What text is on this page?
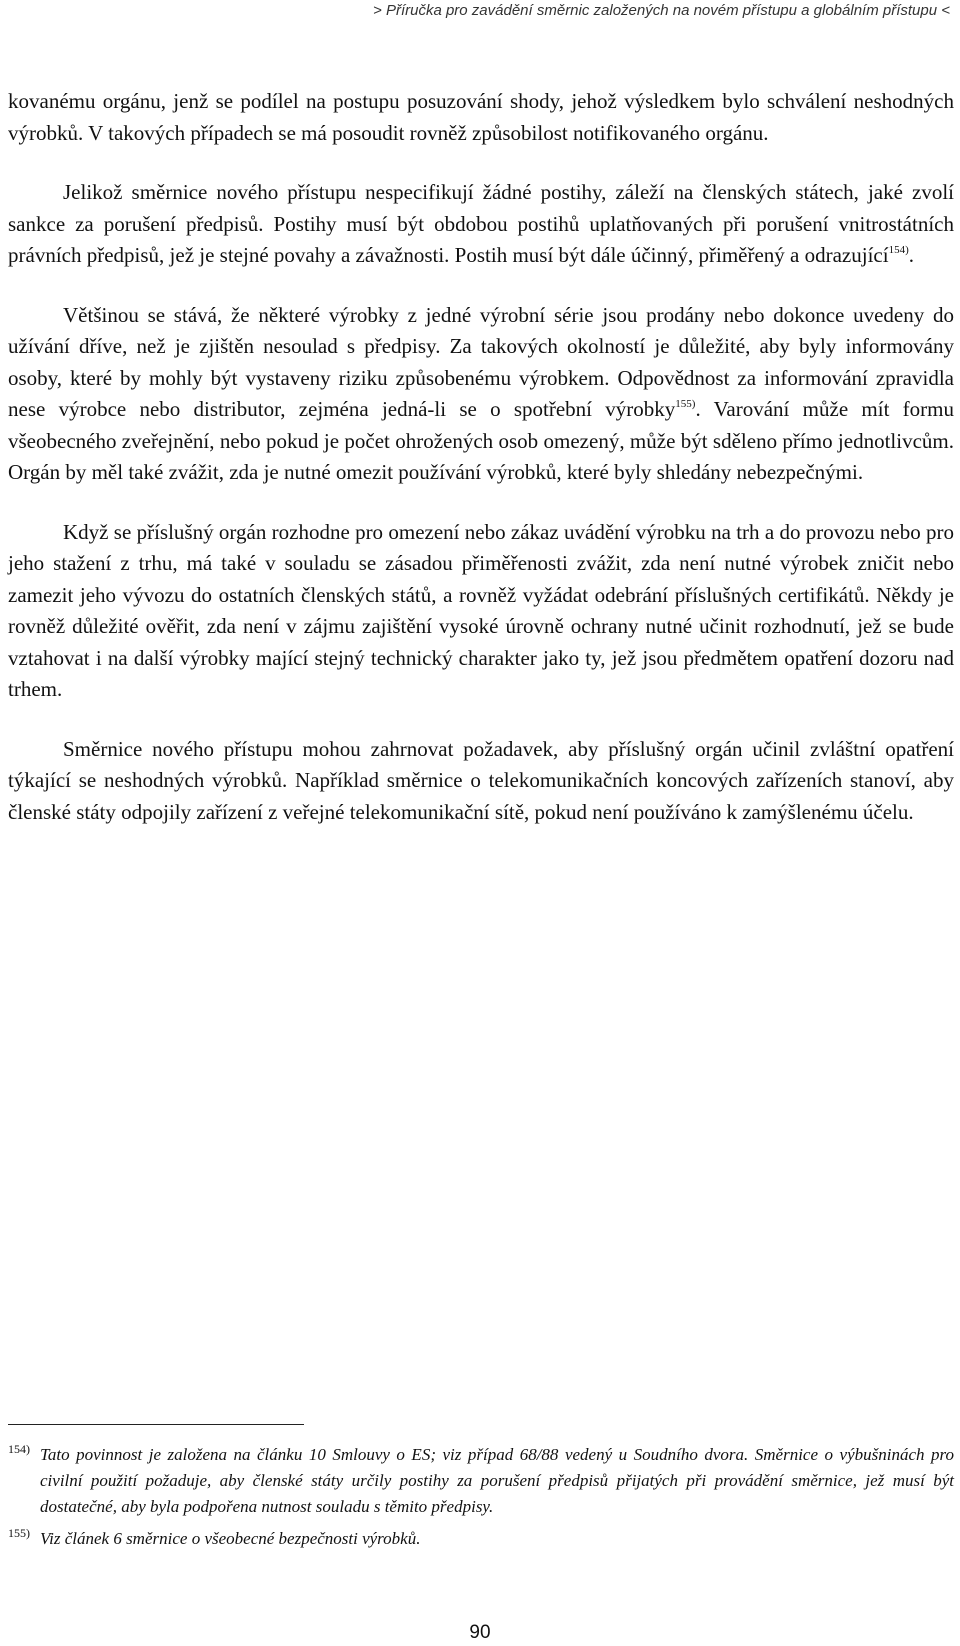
> Příručka pro zavádění směrnic založených na novém přístupu a globálním přístupu <

kovanému orgánu, jenž se podílel na postupu posuzování shody, jehož výsledkem bylo schválení neshodných výrobků. V takových případech se má posoudit rovněž způsobilost notifikovaného orgánu.

Jelikož směrnice nového přístupu nespecifikují žádné postihy, záleží na členských státech, jaké zvolí sankce za porušení předpisů. Postihy musí být obdobou postihů uplatňovaných při porušení vnitrostátních právních předpisů, jež je stejné povahy a závažnosti. Postih musí být dále účinný, přiměřený a odrazující$^{154)}$.

Většinou se stává, že některé výrobky z jedné výrobní série jsou prodány nebo dokonce uvedeny do užívání dříve, než je zjištěn nesoulad s předpisy. Za takových okolností je důležité, aby byly informovány osoby, které by mohly být vystaveny riziku způsobenému výrobkem. Odpovědnost za informování zpravidla nese výrobce nebo distributor, zejména jedná-li se o spotřební výrobky$^{155)}$. Varování může mít formu všeobecného zveřejnění, nebo pokud je počet ohrožených osob omezený, může být sděleno přímo jednotlivcům. Orgán by měl také zvážit, zda je nutné omezit používání výrobků, které byly shledány nebezpečnými.

Když se příslušný orgán rozhodne pro omezení nebo zákaz uvádění výrobku na trh a do provozu nebo pro jeho stažení z trhu, má také v souladu se zásadou přiměřenosti zvážit, zda není nutné výrobek zničit nebo zamezit jeho vývozu do ostatních členských států, a rovněž vyžádat odebrání příslušných certifikátů. Někdy je rovněž důležité ověřit, zda není v zájmu zajištění vysoké úrovně ochrany nutné učinit rozhodnutí, jež se bude vztahovat i na další výrobky mající stejný technický charakter jako ty, jež jsou předmětem opatření dozoru nad trhem.

Směrnice nového přístupu mohou zahrnovat požadavek, aby příslušný orgán učinil zvláštní opatření týkající se neshodných výrobků. Například směrnice o telekomunikačních koncových zařízeních stanoví, aby členské státy odpojily zařízení z veřejné telekomunikační sítě, pokud není používáno k zamýšlenému účelu.

154) Tato povinnost je založena na článku 10 Smlouvy o ES; viz případ 68/88 vedený u Soudního dvora. Směrnice o výbušninách pro civilní použití požaduje, aby členské státy určily postihy za porušení předpisů přijatých při provádění směrnice, jež musí být dostatečné, aby byla podpořena nutnost souladu s těmito předpisy.
155) Viz článek 6 směrnice o všeobecné bezpečnosti výrobků.
90
